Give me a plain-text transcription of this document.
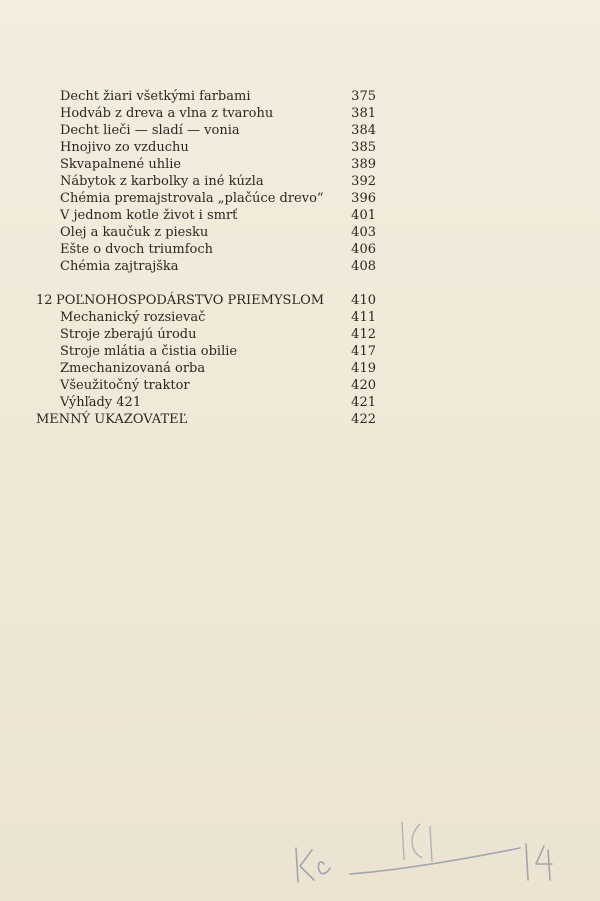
Decht žiari všetkými farbami	375
Hodváb z dreva a vlna z tvarohu	381
Decht lieči — sladí — vonia	384
Hnojivo zo vzduchu	385
Skvapalnené uhlie	389
Nábytok z karbolky a iné kúzla	392
Chémia premajstrovala „plačúce drevo“ 396
V jednom kotle život i smrť	401
Olej a kaučuk z piesku	403
Ešte o dvoch triumfoch	406
Chémia zajtrajška	408
12 POĽNOHOSPODÁRSTVO PRIEMYSLOM 410
Mechanický rozsievač	411
Stroje zberajú úrodu	412
Stroje mlátia a čistia obilie	417
Zmechanizovaná orba	419
Všeužitočný traktor	420
Výhľady 421	421
MENNÝ UKAZOVATEĽ	422
